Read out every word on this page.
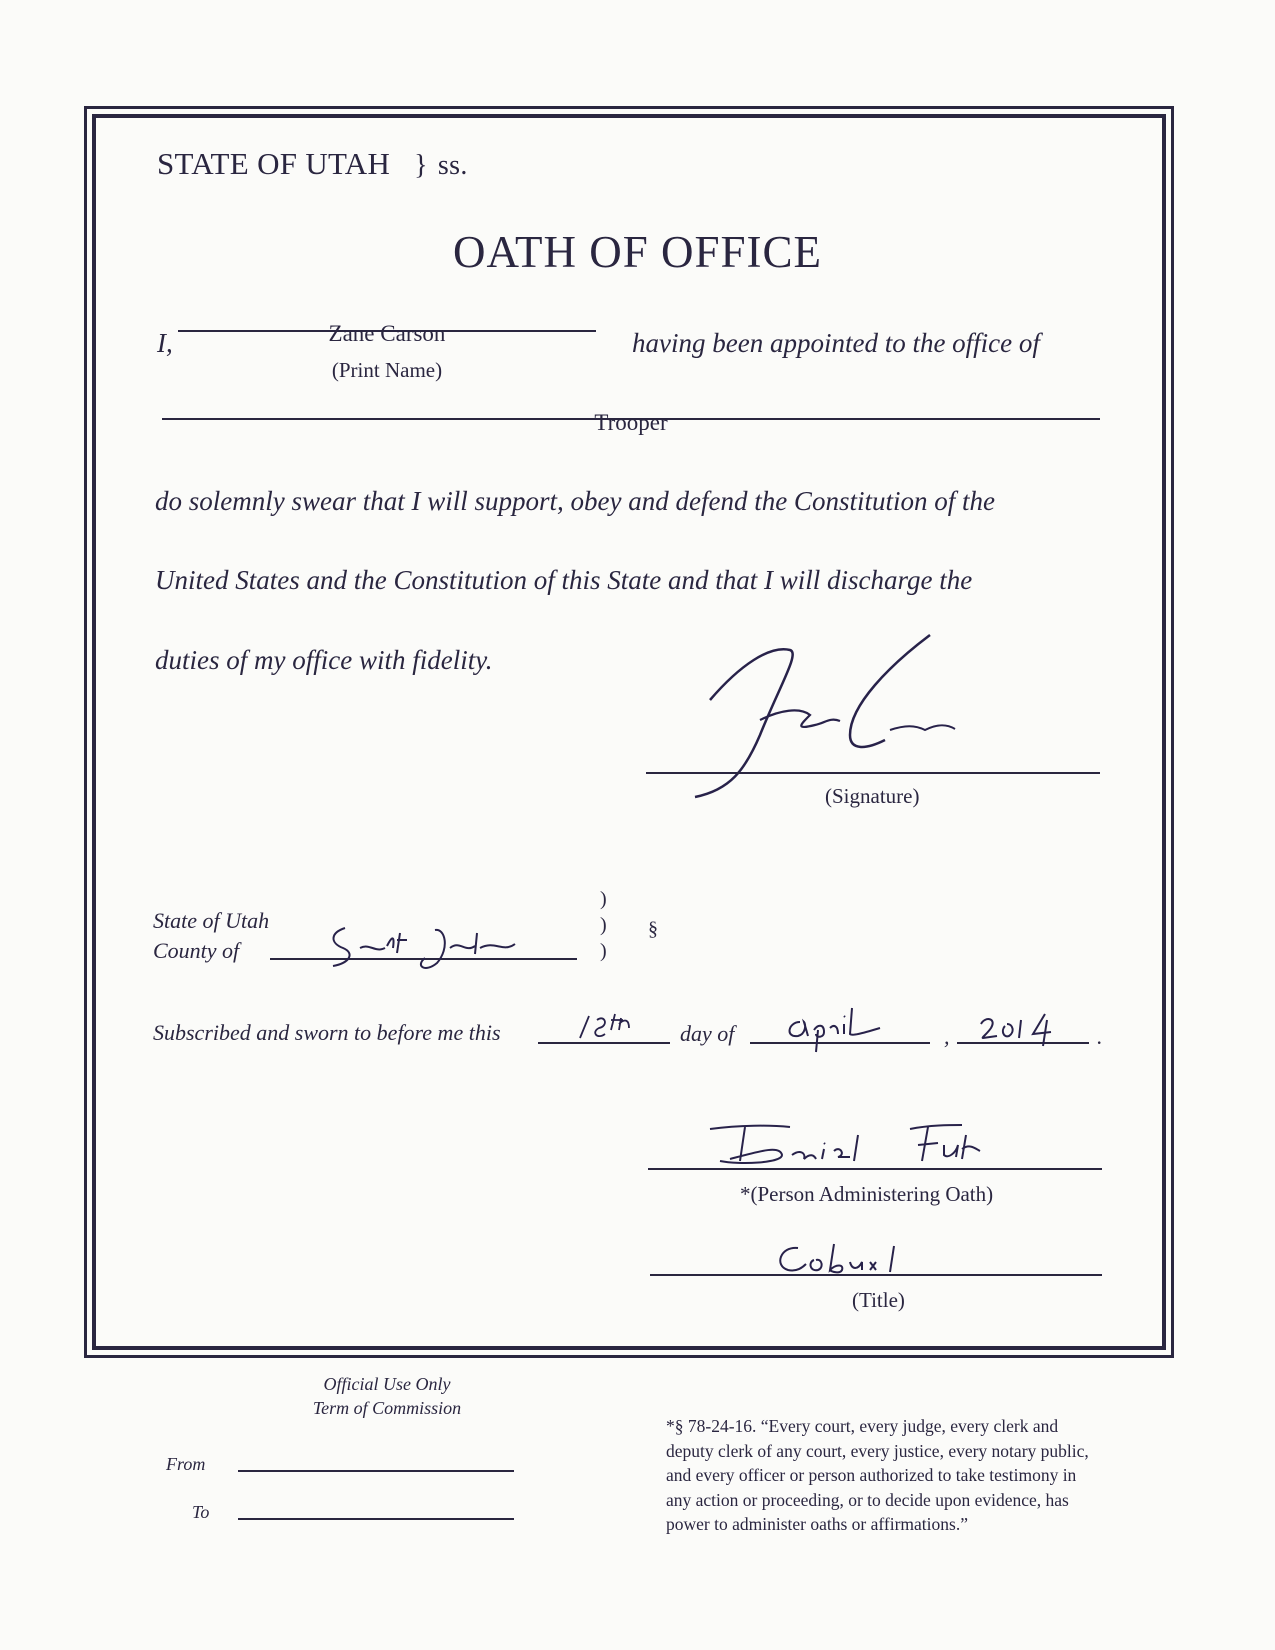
STATE OF UTAH } ss.
OATH OF OFFICE
I,	Zane Carson
(Print Name)
having been appointed to the office of
Trooper
do solemnly swear that I will support, obey and defend the Constitution of the
United States and the Constitution of this State and that I will discharge the
duties of my office with fidelity.
(Signature)
State of Utah
County of
)
)
)
§
Subscribed and sworn to before me this	day of	,	.
*(Person Administering Oath)
(Title)
Official Use Only
Term of Commission
From
To
*§ 78-24-16. “Every court, every judge, every clerk and
deputy clerk of any court, every justice, every notary public,
and every officer or person authorized to take testimony in
any action or proceeding, or to decide upon evidence, has
power to administer oaths or affirmations.”
